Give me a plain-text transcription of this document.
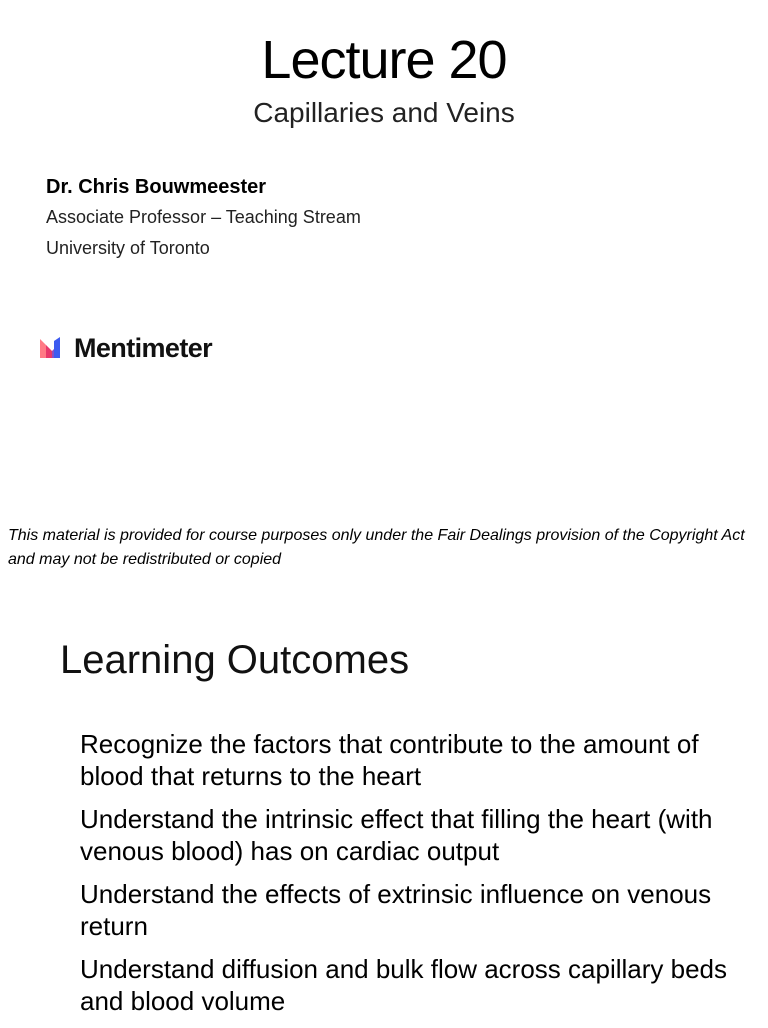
Lecture 20
Capillaries and Veins
Dr. Chris Bouwmeester
Associate Professor – Teaching Stream
University of Toronto
Mentimeter
This material is provided for course purposes only under the Fair Dealings provision of the Copyright Act and may not be redistributed or copied
Learning Outcomes
Recognize the factors that contribute to the amount of blood that returns to the heart
Understand the intrinsic effect that filling the heart (with venous blood) has on cardiac output
Understand the effects of extrinsic influence on venous return
Understand diffusion and bulk flow across capillary beds and blood volume
